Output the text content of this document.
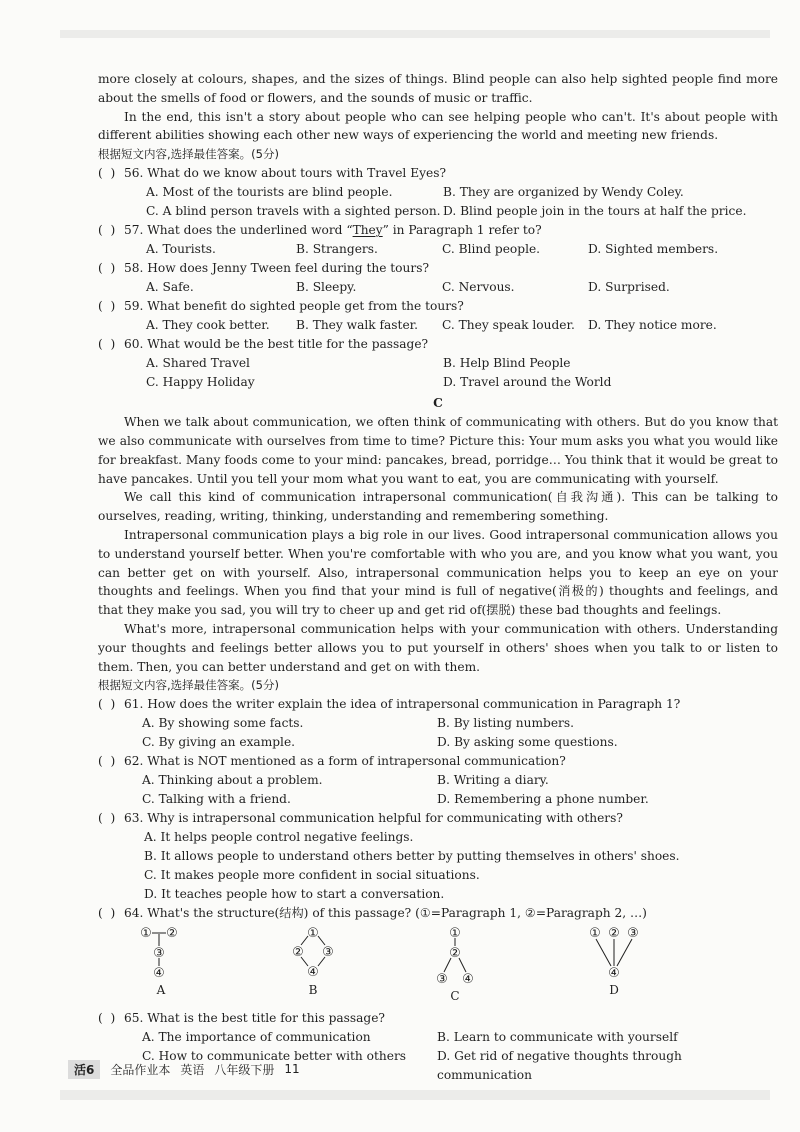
more closely at colours, shapes, and the sizes of things. Blind people can also help sighted people find more about the smells of food or flowers, and the sounds of music or traffic.

In the end, this isn't a story about people who can see helping people who can't. It's about people with different abilities showing each other new ways of experiencing the world and meeting new friends.

根据短文内容,选择最佳答案。(5分)
(  ) 56. What do we know about tours with Travel Eyes?
A. Most of the tourists are blind people.	B. They are organized by Wendy Coley.
C. A blind person travels with a sighted person. D. Blind people join in the tours at half the price.
(  ) 57. What does the underlined word “They” in Paragraph 1 refer to?
A. Tourists.	B. Strangers.	C. Blind people.	D. Sighted members.
(  ) 58. How does Jenny Tween feel during the tours?
A. Safe.	B. Sleepy.	C. Nervous.	D. Surprised.
(  ) 59. What benefit do sighted people get from the tours?
A. They cook better.	B. They walk faster.	C. They speak louder.	D. They notice more.
(  ) 60. What would be the best title for the passage?
A. Shared Travel	B. Help Blind People
C. Happy Holiday	D. Travel around the World
C

When we talk about communication, we often think of communicating with others. But do you know that we also communicate with ourselves from time to time? Picture this: Your mum asks you what you would like for breakfast. Many foods come to your mind: pancakes, bread, porridge… You think that it would be great to have pancakes. Until you tell your mom what you want to eat, you are communicating with yourself.

We call this kind of communication intrapersonal communication(自我沟通). This can be talking to ourselves, reading, writing, thinking, understanding and remembering something.

Intrapersonal communication plays a big role in our lives. Good intrapersonal communication allows you to understand yourself better. When you're comfortable with who you are, and you know what you want, you can better get on with yourself. Also, intrapersonal communication helps you to keep an eye on your thoughts and feelings. When you find that your mind is full of negative(消极的) thoughts and feelings, and that they make you sad, you will try to cheer up and get rid of(摆脱) these bad thoughts and feelings.

What's more, intrapersonal communication helps with your communication with others. Understanding your thoughts and feelings better allows you to put yourself in others' shoes when you talk to or listen to them. Then, you can better understand and get on with them.

根据短文内容,选择最佳答案。(5分)
(  ) 61. How does the writer explain the idea of intrapersonal communication in Paragraph 1?
A. By showing some facts.	B. By listing numbers.
C. By giving an example.	D. By asking some questions.
(  ) 62. What is NOT mentioned as a form of intrapersonal communication?
A. Thinking about a problem.	B. Writing a diary.
C. Talking with a friend.	D. Remembering a phone number.
(  ) 63. Why is intrapersonal communication helpful for communicating with others?
A. It helps people control negative feelings.
B. It allows people to understand others better by putting themselves in others' shoes.
C. It makes people more confident in social situations.
D. It teaches people how to start a conversation.
(  ) 64. What's the structure(结构) of this passage? (①=Paragraph 1, ②=Paragraph 2, …)
① ②
③
④
A
①
② ③
④
B
①
②
③ ④
C
① ② ③
④
D
(  ) 65. What is the best title for this passage?
A. The importance of communication	B. Learn to communicate with yourself
C. How to communicate better with others	D. Get rid of negative thoughts through communication
活6	全品作业本 英语 八年级下册 11
